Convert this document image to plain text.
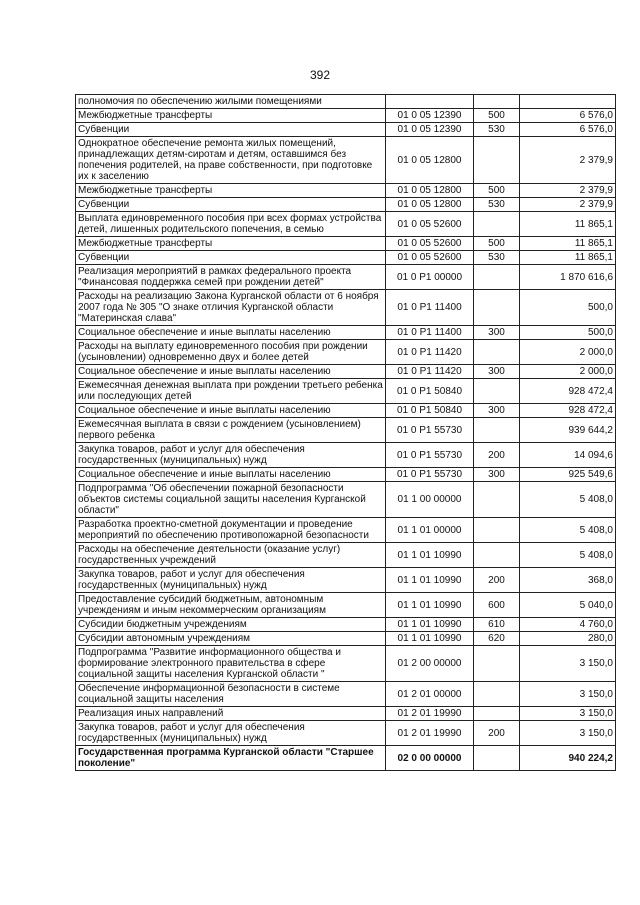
392
полномочия по обеспечению жилыми помещениями			
Межбюджетные трансферты	01 0 05 12390	500	6 576,0
Субвенции	01 0 05 12390	530	6 576,0
Однократное обеспечение ремонта жилых помещений, принадлежащих детям-сиротам и детям, оставшимся без попечения родителей, на праве собственности, при подготовке их к заселению	01 0 05 12800		2 379,9
Межбюджетные трансферты	01 0 05 12800	500	2 379,9
Субвенции	01 0 05 12800	530	2 379,9
Выплата единовременного пособия при всех формах устройства детей, лишенных родительского попечения, в семью	01 0 05 52600		11 865,1
Межбюджетные трансферты	01 0 05 52600	500	11 865,1
Субвенции	01 0 05 52600	530	11 865,1
Реализация мероприятий в рамках федерального проекта "Финансовая поддержка семей при рождении детей"	01 0 P1 00000		1 870 616,6
Расходы на реализацию Закона Курганской области от 6 ноября 2007 года № 305 "О знаке отличия Курганской области "Материнская слава"	01 0 P1 11400		500,0
Социальное обеспечение и иные выплаты населению	01 0 P1 11400	300	500,0
Расходы на выплату единовременного пособия при рождении (усыновлении) одновременно двух и более детей	01 0 P1 11420		2 000,0
Социальное обеспечение и иные выплаты населению	01 0 P1 11420	300	2 000,0
Ежемесячная денежная выплата при рождении третьего ребенка или последующих детей	01 0 P1 50840		928 472,4
Социальное обеспечение и иные выплаты населению	01 0 P1 50840	300	928 472,4
Ежемесячная выплата в связи с рождением (усыновлением) первого ребенка	01 0 P1 55730		939 644,2
Закупка товаров, работ и услуг для обеспечения государственных (муниципальных) нужд	01 0 P1 55730	200	14 094,6
Социальное обеспечение и иные выплаты населению	01 0 P1 55730	300	925 549,6
Подпрограмма "Об обеспечении пожарной безопасности объектов системы социальной защиты населения Курганской области"	01 1 00 00000		5 408,0
Разработка проектно-сметной документации и проведение мероприятий по обеспечению противопожарной безопасности	01 1 01 00000		5 408,0
Расходы на обеспечение деятельности (оказание услуг) государственных учреждений	01 1 01 10990		5 408,0
Закупка товаров, работ и услуг для обеспечения государственных (муниципальных) нужд	01 1 01 10990	200	368,0
Предоставление субсидий бюджетным, автономным учреждениям и иным некоммерческим организациям	01 1 01 10990	600	5 040,0
Субсидии бюджетным учреждениям	01 1 01 10990	610	4 760,0
Субсидии автономным учреждениям	01 1 01 10990	620	280,0
Подпрограмма "Развитие информационного общества и формирование электронного правительства в сфере социальной защиты населения Курганской области "	01 2 00 00000		3 150,0
Обеспечение информационной безопасности в системе социальной защиты населения	01 2 01 00000		3 150,0
Реализация иных направлений	01 2 01 19990		3 150,0
Закупка товаров, работ и услуг для обеспечения государственных (муниципальных) нужд	01 2 01 19990	200	3 150,0
Государственная программа Курганской области "Старшее поколение"	02 0 00 00000		940 224,2
